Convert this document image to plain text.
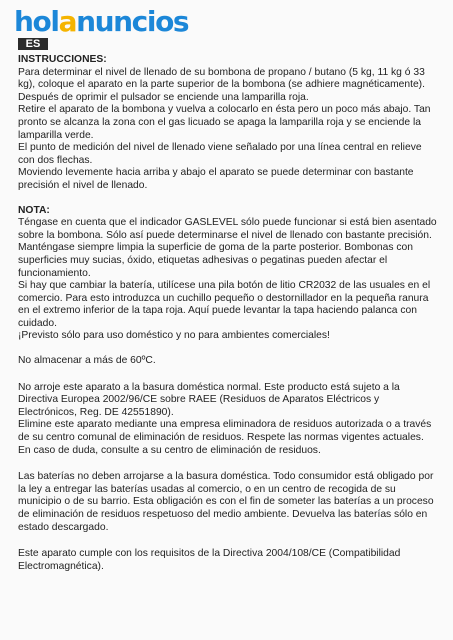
holanuncios
ES

INSTRUCCIONES:

Para determinar el nivel de llenado de su bombona de propano / butano (5 kg, 11 kg ó 33 kg), coloque el aparato en la parte superior de la bombona (se adhiere magnéticamente).

Después de oprimir el pulsador se enciende una lamparilla roja.

Retire el aparato de la bombona y vuelva a colocarlo en ésta pero un poco más abajo. Tan pronto se alcanza la zona con el gas licuado se apaga la lamparilla roja y se enciende la lamparilla verde.

El punto de medición del nivel de llenado viene señalado por una línea central en relieve con dos flechas.

Moviendo levemente hacia arriba y abajo el aparato se puede determinar con bastante precisión el nivel de llenado.

NOTA:

Téngase en cuenta que el indicador GASLEVEL sólo puede funcionar si está bien asentado sobre la bombona. Sólo así puede determinarse el nivel de llenado con bastante precisión. Manténgase siempre limpia la superficie de goma de la parte posterior. Bombonas con superficies muy sucias, óxido, etiquetas adhesivas o pegatinas pueden afectar el funcionamiento.

Si hay que cambiar la batería, utilícese una pila botón de litio CR2032 de las usuales en el comercio. Para esto introduzca un cuchillo pequeño o destornillador en la pequeña ranura en el extremo inferior de la tapa roja. Aquí puede levantar la tapa haciendo palanca con cuidado.

¡Previsto sólo para uso doméstico y no para ambientes comerciales!

No almacenar a más de 60ºC.

No arroje este aparato a la basura doméstica normal. Este producto está sujeto a la Directiva Europea 2002/96/CE sobre RAEE (Residuos de Aparatos Eléctricos y Electrónicos, Reg. DE 42551890).

Elimine este aparato mediante una empresa eliminadora de residuos autorizada o a través de su centro comunal de eliminación de residuos. Respete las normas vigentes actuales. En caso de duda, consulte a su centro de eliminación de residuos.

Las baterías no deben arrojarse a la basura doméstica. Todo consumidor está obligado por la ley a entregar las baterías usadas al comercio, o en un centro de recogida de su municipio o de su barrio. Esta obligación es con el fin de someter las baterías a un proceso de eliminación de residuos respetuoso del medio ambiente. Devuelva las baterías sólo en estado descargado.

Este aparato cumple con los requisitos de la Directiva 2004/108/CE (Compatibilidad Electromagnética).
